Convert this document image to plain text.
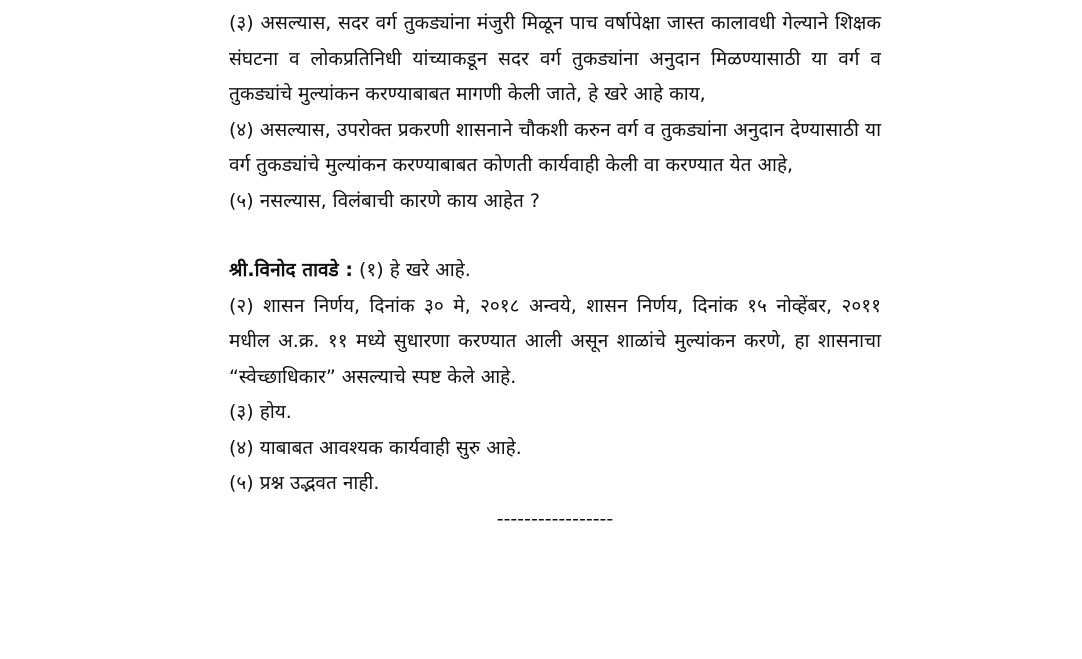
(३) असल्यास, सदर वर्ग तुकड्यांना मंजुरी मिळून पाच वर्षापेक्षा जास्त कालावधी गेल्याने शिक्षक संघटना व लोकप्रतिनिधी यांच्याकडून सदर वर्ग तुकड्यांना अनुदान मिळण्यासाठी या वर्ग व तुकड्यांचे मुल्यांकन करण्याबाबत मागणी केली जाते, हे खरे आहे काय,

(४) असल्यास, उपरोक्त प्रकरणी शासनाने चौकशी करुन वर्ग व तुकड्यांना अनुदान देण्यासाठी या वर्ग तुकड्यांचे मुल्यांकन करण्याबाबत कोणती कार्यवाही केली वा करण्यात येत आहे,

(५) नसल्यास, विलंबाची कारणे काय आहेत ?

श्री.विनोद तावडे : (१) हे खरे आहे.

(२) शासन निर्णय, दिनांक ३० मे, २०१८ अन्वये, शासन निर्णय, दिनांक १५ नोव्हेंबर, २०११ मधील अ.क्र. ११ मध्ये सुधारणा करण्यात आली असून शाळांचे मुल्यांकन करणे, हा शासनाचा “स्वेच्छाधिकार” असल्याचे स्पष्ट केले आहे.

(३) होय.

(४) याबाबत आवश्यक कार्यवाही सुरु आहे.

(५) प्रश्न उद्भवत नाही.

-----------------
